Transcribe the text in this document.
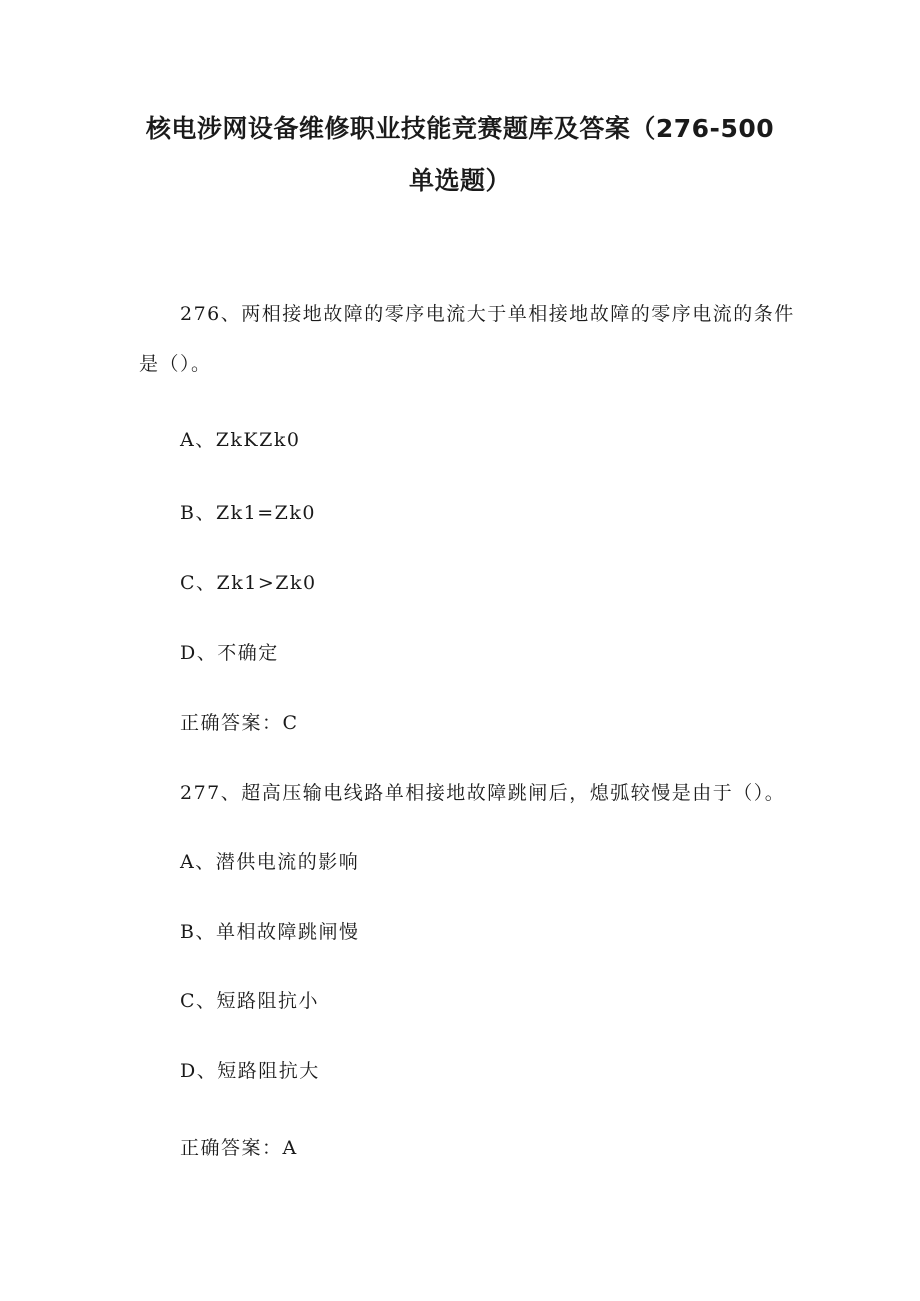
核电涉网设备维修职业技能竞赛题库及答案（276-500
单选题）
276、两相接地故障的零序电流大于单相接地故障的零序电流的条件
是（）。
A、ZkKZk0
B、Zk1=Zk0
C、Zk1>Zk0
D、不确定
正确答案：C
277、超高压输电线路单相接地故障跳闸后，熄弧较慢是由于（）。
A、潜供电流的影响
B、单相故障跳闸慢
C、短路阻抗小
D、短路阻抗大
正确答案：A
